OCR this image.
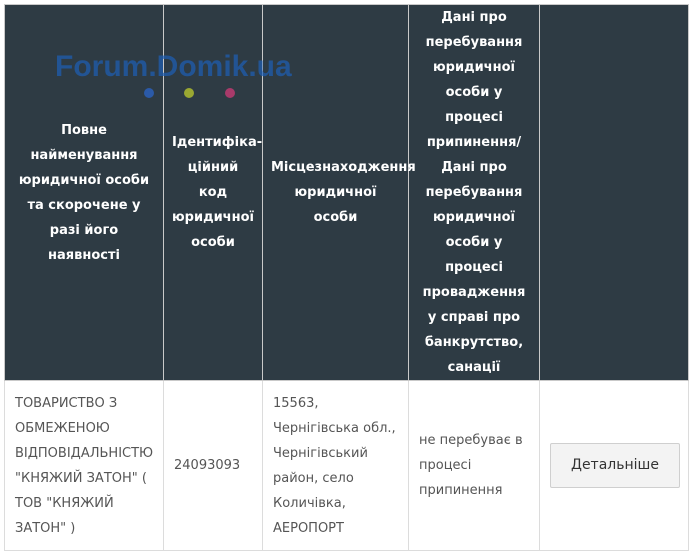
Повне найменування юридичної особи та скорочене у разі його наявності	Ідентифіка-ційний код юридичної особи	Місцезнаходження юридичної особи	Дані про перебування юридичної особи у процесі припинення/ Дані про перебування юридичної особи у процесі провадження у справі про банкрутство, санації	
ТОВАРИСТВО З ОБМЕЖЕНОЮ ВІДПОВІДАЛЬНІСТЮ "КНЯЖИЙ ЗАТОН" ( ТОВ "КНЯЖИЙ ЗАТОН" )	24093093	15563, Чернігівська обл., Чернігівський район, село Количівка, АЕРОПОРТ	не перебуває в процесі припинення	Детальніше
Forum.Domik.ua
